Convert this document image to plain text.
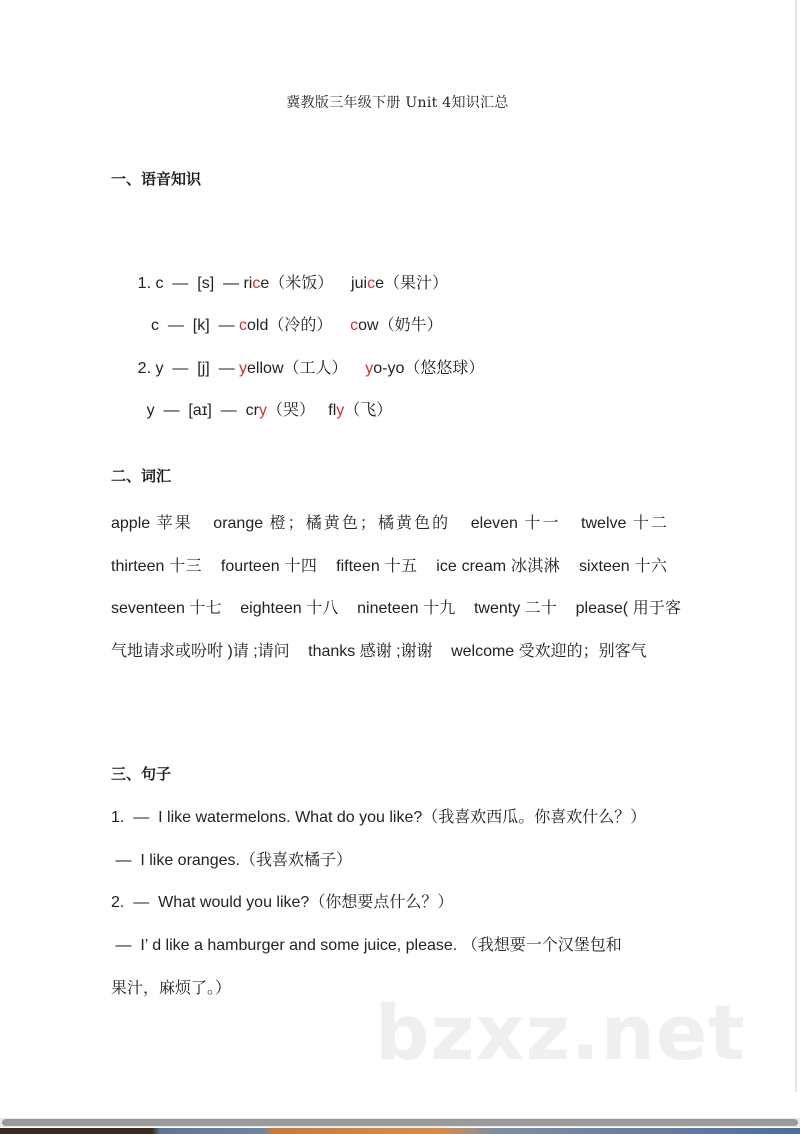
冀教版三年级下册 Unit 4知识汇总
一、语音知识

1. c  —  [s]  — rice（米饭）    juice（果汁）

c  —  [k]  — cold（冷的）    cow（奶牛）

2. y  —  [j]  — yellow（工人）    yo-yo（悠悠球）

y  —  [aɪ]  —  cry（哭）   fly（飞）

二、词汇
apple 苹果 orange 橙；橘黄色；橘黄色的 eleven 十一 twelve 十二 thirteen 十三 fourteen 十四 fifteen 十五 ice cream 冰淇淋 sixteen 十六 seventeen 十七 eighteen 十八 nineteen 十九 twenty 二十 please( 用于客气地请求或吩咐 )请 ;请问 thanks 感谢 ;谢谢 welcome 受欢迎的；别客气
三、句子
1.  —  I like watermelons. What do you like?（我喜欢西瓜。你喜欢什么？）
—  I like oranges.（我喜欢橘子）
2.  —  What would you like?（你想要点什么？）
—  I’ d like a hamburger and some juice, please. （我想要一个汉堡包和
果汁，麻烦了。） bzxz.net
